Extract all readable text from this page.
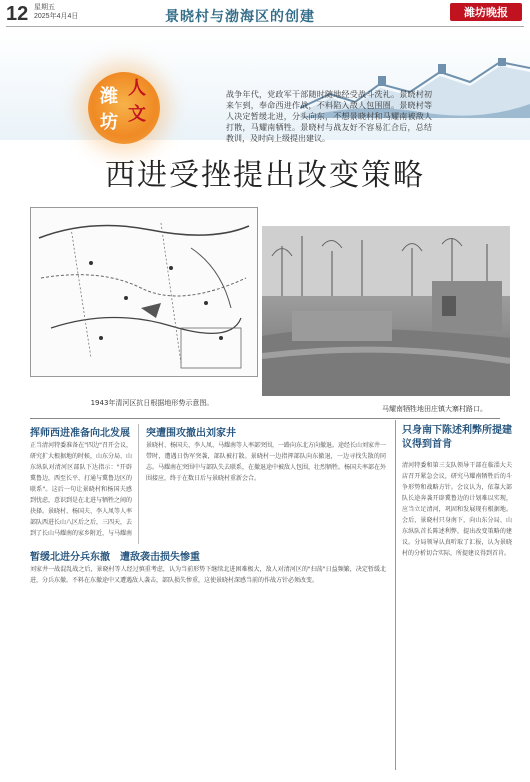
12 星期五
2025年4月4日	景晓村与渤海区的创建	潍坊晚报
潍
坊
人
文
战争年代，党政军干部随时随地经受战斗洗礼。景晓村初来乍到，奉命西进作战，不料陷入敌人包围圈。景晓村等人决定暂缓北进，分头向东，不想景晓村和马耀南被敌人打散，马耀南牺牲。景晓村与战友好不容易汇合后，总结教训，及时向上级提出建议。
西进受挫提出改变策略
1943年清河区抗日根据地形势示意图。
马耀南牺牲地田庄镇大寨村路口。
挥师西进准备向北发展
正当清河特委准备在"四边"召开会议，研究扩大根据地的时候，山东分局、山东纵队对清河区部队下达指示："开辟冀鲁边，西至长平、打通与冀鲁边区的联系"。这后一句让景晓村和杨国夫感到忧虑，意识到是在北进与牺牲之间的抉择。景晓村、杨国夫、李人凤等人率部队西进长山八区后之后，三四天，去到了长山马耀南的家乡附近，与马耀南
突遭围攻撤出刘家井
景晓村、杨国夫、李人凤、马耀南等人率部突围，一路向东北方向撤退。途经长山刘家井一带时，遭遇日伪军突袭，部队被打散。景晓村一边指挥部队向东撤退，一边寻找失散的同志。马耀南在突围中与部队失去联系，在撤退途中被敌人包围，壮烈牺牲。杨国夫率部在外围接应，终于在数日后与景晓村重新会合。
暂缓北进分兵东撤　遭敌袭击损失惨重
刘家井一战混乱战之后，景晓村等人经过慎重考虑，认为当前形势下继续北进困难极大，敌人对清河区的"扫荡"日益频繁，决定暂缓北进，分兵东撤。不料在东撤途中又遭遇敌人袭击，部队损失惨重，这使景晓村深感当前的作战方针必须改变。
只身南下陈述利弊所提建议得到首肯
清河特委和第三支队领导干部在临淄大夫店召开紧急会议，研究马耀南牺牲后的斗争形势和战略方针。会议认为，依靠大部队长途奔袭开辟冀鲁边的计划难以实现，应当立足清河，巩固和发展现有根据地。会后，景晓村只身南下，向山东分局、山东纵队首长陈述利弊，提出改变策略的建议。分局领导认真听取了汇报，认为景晓村的分析切合实际，所提建议得到首肯。
